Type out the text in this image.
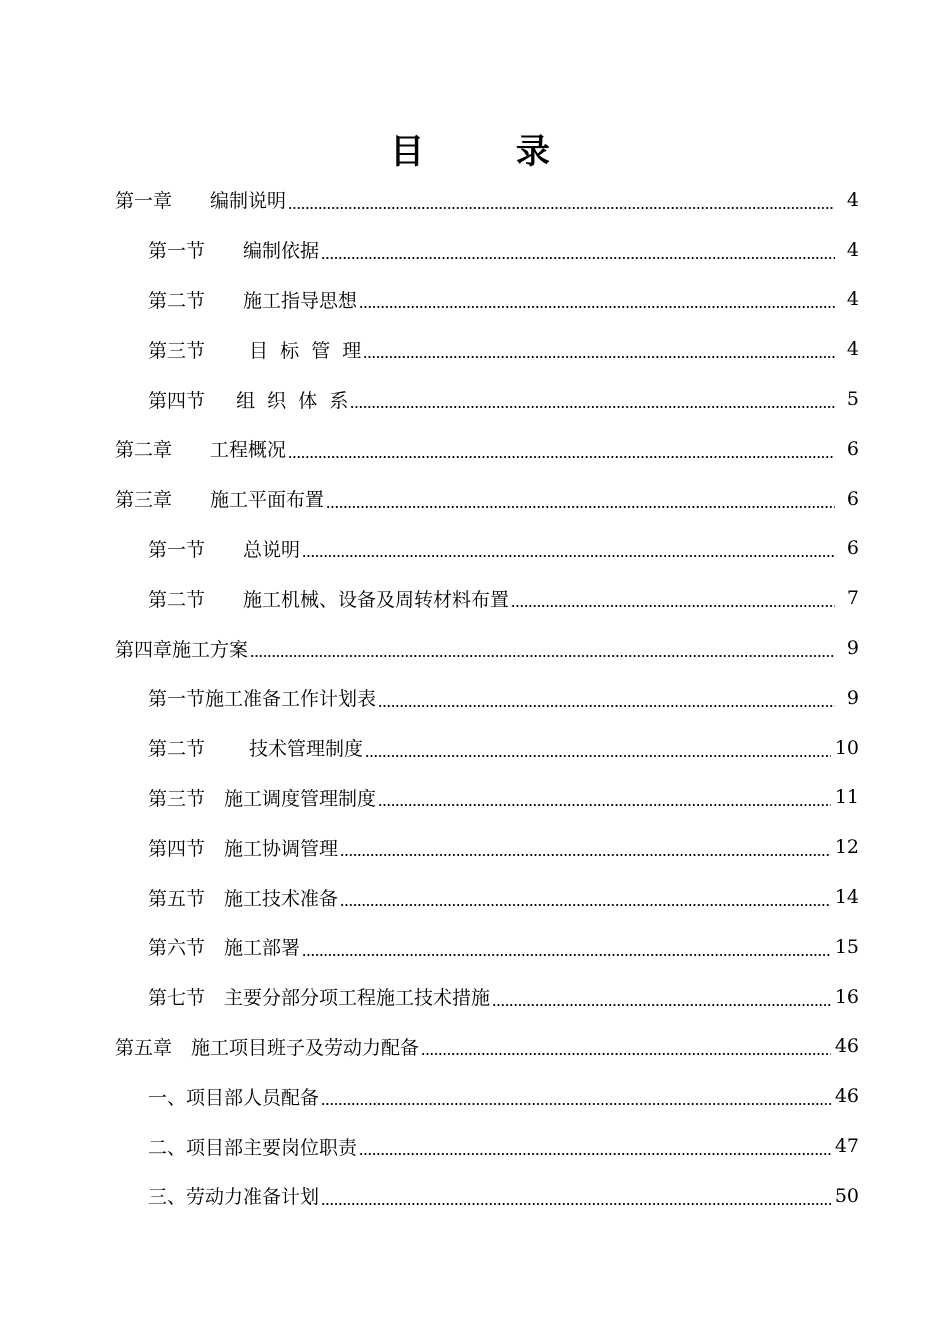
目 录
第一章　　编制说明	4
第一节　　编制依据	4
第二节　　施工指导思想	4
第三节　　 目  标  管  理	4
第四节　  组  织  体  系	5
第二章　　工程概况	6
第三章　　施工平面布置	6
第一节　　总说明	6
第二节　　施工机械、设备及周转材料布置	7
第四章施工方案	9
第一节施工准备工作计划表	9
第二节　　 技术管理制度	10
第三节　施工调度管理制度	11
第四节　施工协调管理	12
第五节　施工技术准备	14
第六节　施工部署	15
第七节　主要分部分项工程施工技术措施	16
第五章　施工项目班子及劳动力配备	46
一、项目部人员配备	46
二、项目部主要岗位职责	47
三、劳动力准备计划	50
